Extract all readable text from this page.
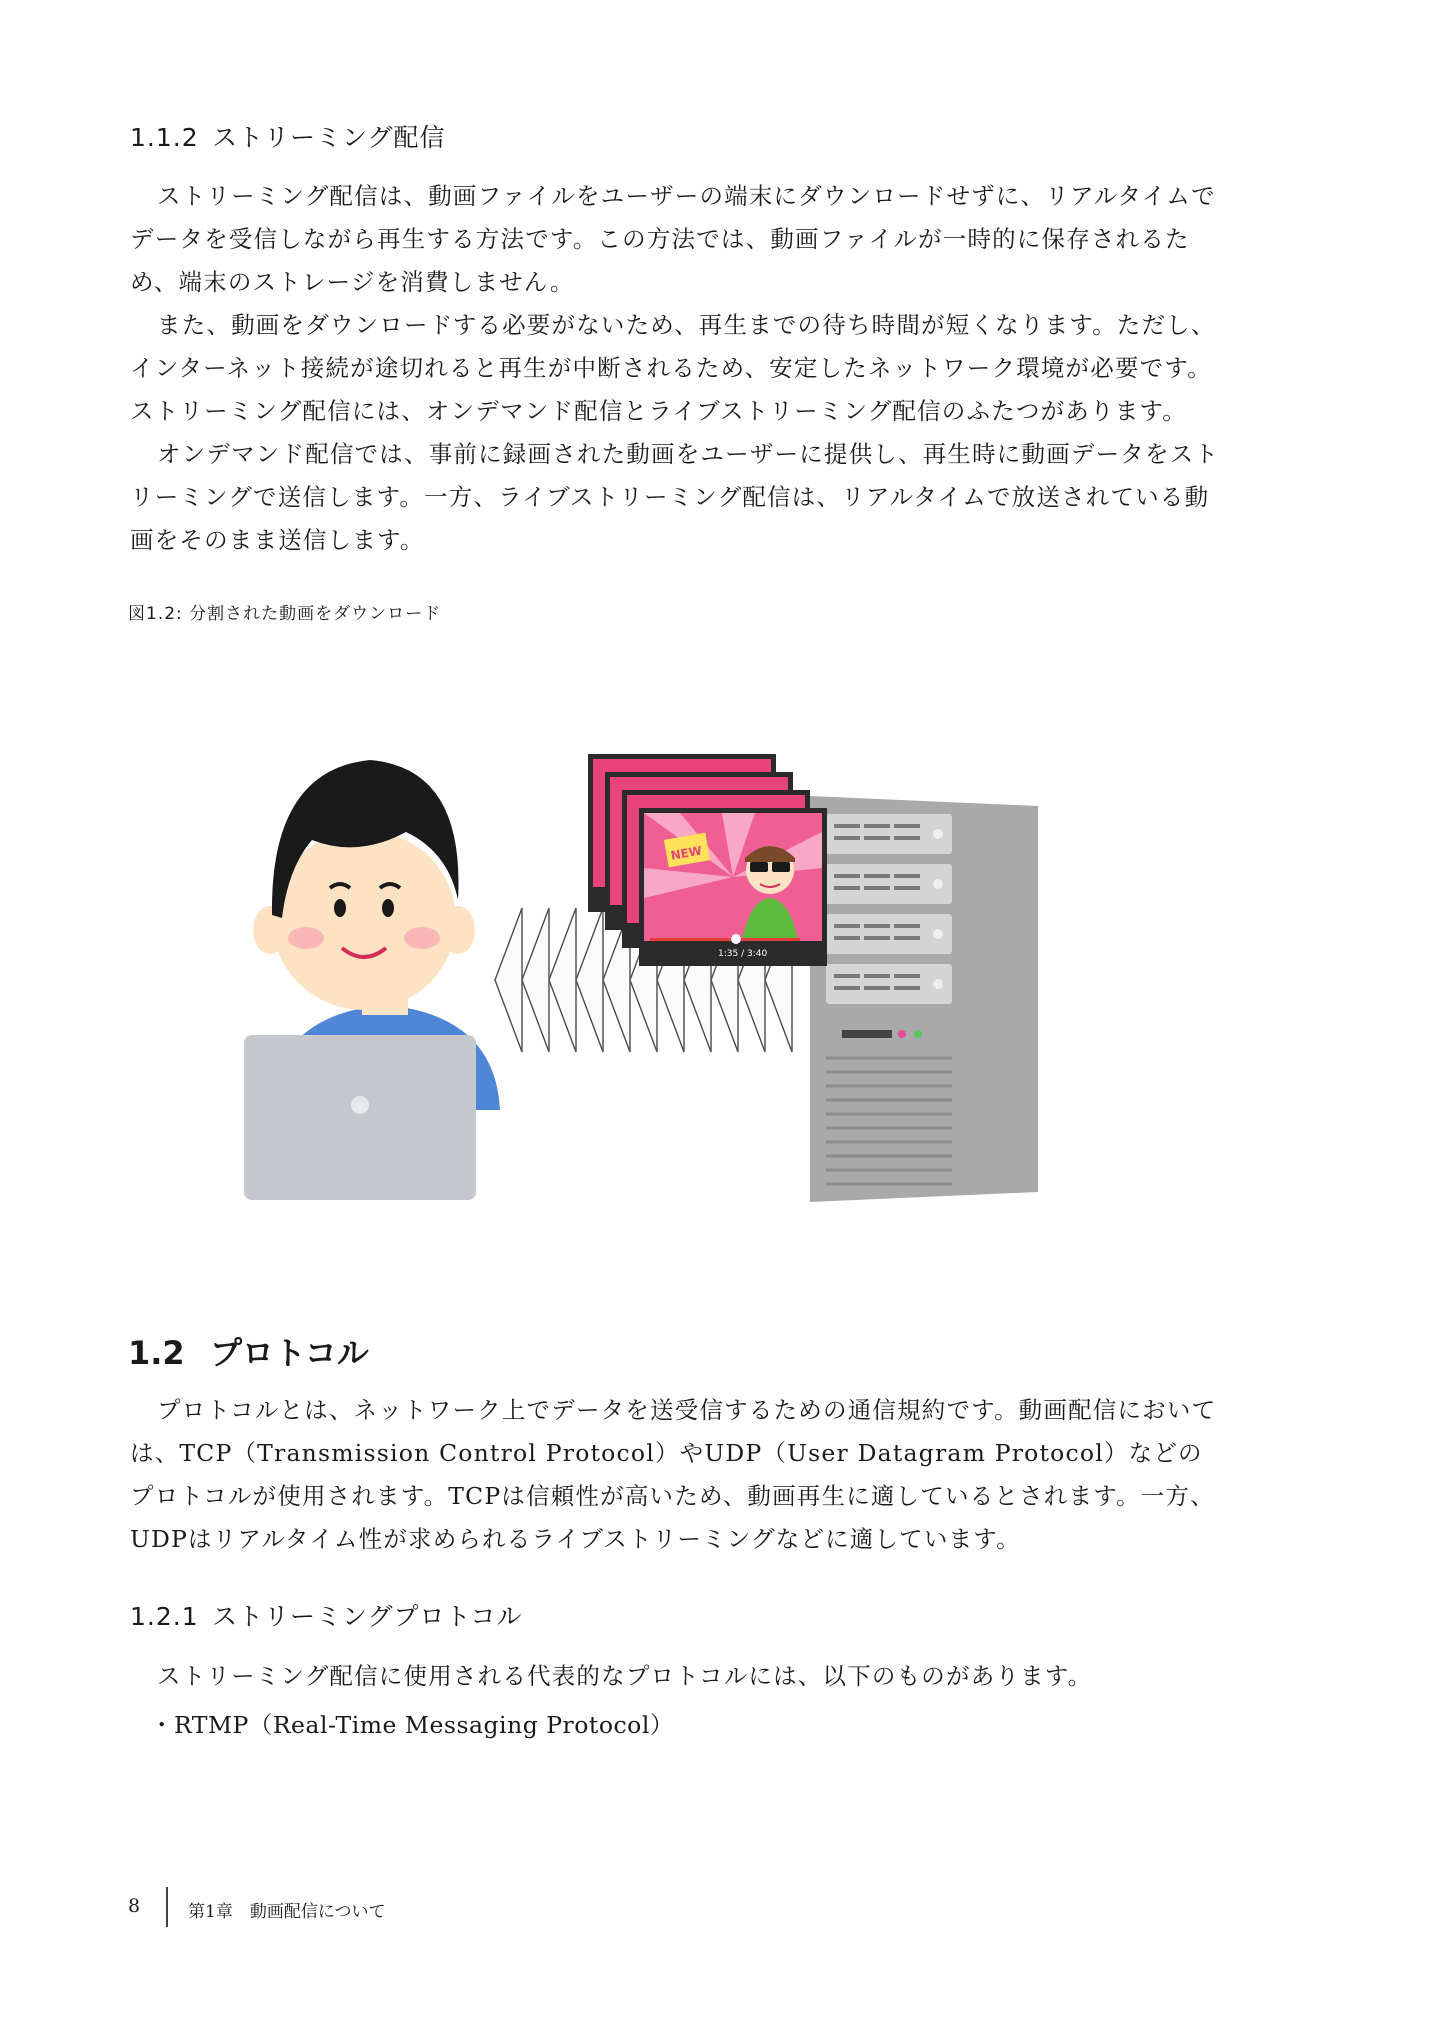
1.1.2 ストリーミング配信

ストリーミング配信は、動画ファイルをユーザーの端末にダウンロードせずに、リアルタイムでデータを受信しながら再生する方法です。この方法では、動画ファイルが一時的に保存されるため、端末のストレージを消費しません。

また、動画をダウンロードする必要がないため、再生までの待ち時間が短くなります。ただし、インターネット接続が途切れると再生が中断されるため、安定したネットワーク環境が必要です。ストリーミング配信には、オンデマンド配信とライブストリーミング配信のふたつがあります。

オンデマンド配信では、事前に録画された動画をユーザーに提供し、再生時に動画データをストリーミングで送信します。一方、ライブストリーミング配信は、リアルタイムで放送されている動画をそのまま送信します。

図1.2: 分割された動画をダウンロード
NEW
1:35 / 3:40
1.2 プロトコル

プロトコルとは、ネットワーク上でデータを送受信するための通信規約です。動画配信においては、TCP（Transmission Control Protocol）やUDP（User Datagram Protocol）などのプロトコルが使用されます。TCPは信頼性が高いため、動画再生に適しているとされます。一方、UDPはリアルタイム性が求められるライブストリーミングなどに適しています。

1.2.1 ストリーミングプロトコル

ストリーミング配信に使用される代表的なプロトコルには、以下のものがあります。

・RTMP（Real-Time Messaging Protocol）
8	第1章　動画配信について
